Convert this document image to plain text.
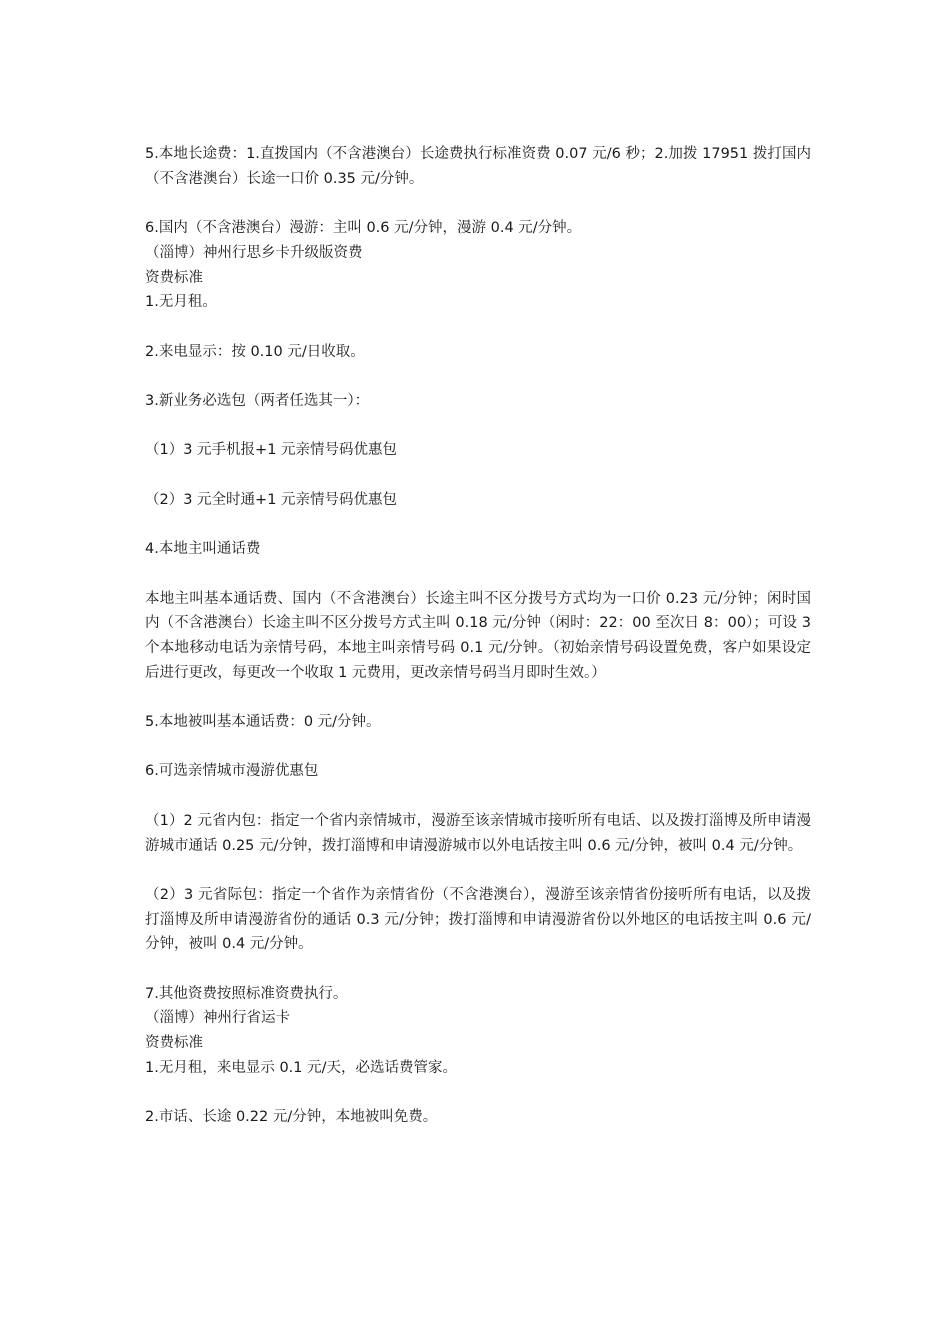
5.本地长途费：1.直拨国内（不含港澳台）长途费执行标准资费 0.07 元/6 秒；2.加拨 17951 拨打国内（不含港澳台）长途一口价 0.35 元/分钟。

6.国内（不含港澳台）漫游：主叫 0.6 元/分钟，漫游 0.4 元/分钟。

（淄博）神州行思乡卡升级版资费

资费标准

1.无月租。

2.来电显示：按 0.10 元/日收取。

3.新业务必选包（两者任选其一）：

（1）3 元手机报+1 元亲情号码优惠包

（2）3 元全时通+1 元亲情号码优惠包

4.本地主叫通话费

本地主叫基本通话费、国内（不含港澳台）长途主叫不区分拨号方式均为一口价 0.23 元/分钟；闲时国内（不含港澳台）长途主叫不区分拨号方式主叫 0.18 元/分钟（闲时：22：00 至次日 8：00）；可设 3 个本地移动电话为亲情号码，本地主叫亲情号码 0.1 元/分钟。（初始亲情号码设置免费，客户如果设定后进行更改，每更改一个收取 1 元费用，更改亲情号码当月即时生效。）

5.本地被叫基本通话费：0 元/分钟。

6.可选亲情城市漫游优惠包

（1）2 元省内包：指定一个省内亲情城市，漫游至该亲情城市接听所有电话、以及拨打淄博及所申请漫游城市通话 0.25 元/分钟，拨打淄博和申请漫游城市以外电话按主叫 0.6 元/分钟，被叫 0.4 元/分钟。

（2）3 元省际包：指定一个省作为亲情省份（不含港澳台），漫游至该亲情省份接听所有电话，以及拨打淄博及所申请漫游省份的通话 0.3 元/分钟；拨打淄博和申请漫游省份以外地区的电话按主叫 0.6 元/分钟，被叫 0.4 元/分钟。

7.其他资费按照标准资费执行。

（淄博）神州行省运卡

资费标准

1.无月租，来电显示 0.1 元/天，必选话费管家。

2.市话、长途 0.22 元/分钟，本地被叫免费。
